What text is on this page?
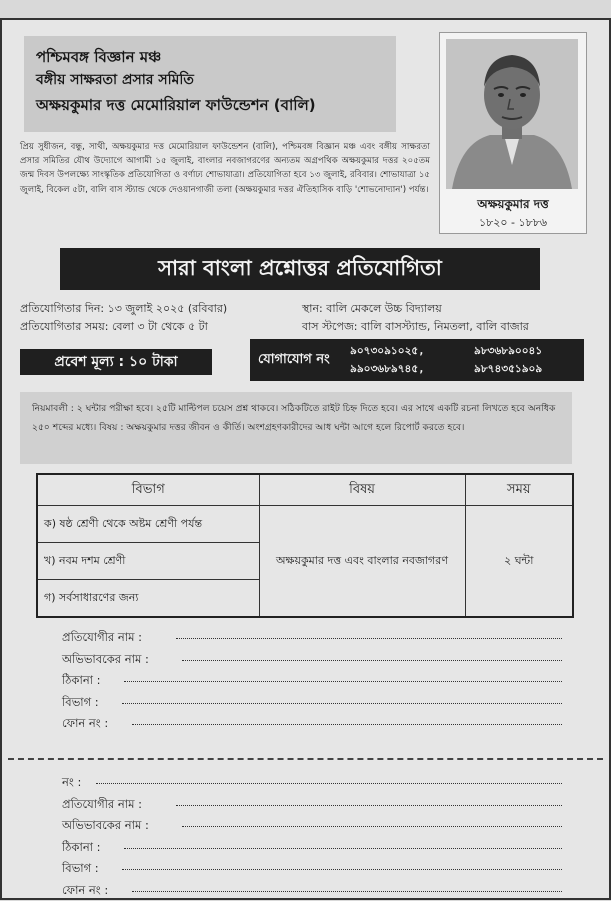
পশ্চিমবঙ্গ বিজ্ঞান মঞ্চ
বঙ্গীয় সাক্ষরতা প্রসার সমিতি
অক্ষয়কুমার দত্ত মেমোরিয়াল ফাউন্ডেশন (বালি)
অক্ষয়কুমার দত্ত
১৮২০ - ১৮৮৬
প্রিয় সুধীজন, বন্ধু, সাথী, অক্ষয়কুমার দত্ত মেমোরিয়াল ফাউন্ডেশন (বালি), পশ্চিমবঙ্গ বিজ্ঞান মঞ্চ এবং বঙ্গীয় সাক্ষরতা প্রসার সমিতির যৌথ উদ্যোগে আগামী ১৫ জুলাই, বাংলার নবজাগরণের অন্যতম অগ্রপথিক অক্ষয়কুমার দত্তর ২০৫তম জন্ম দিবস উপলক্ষ্যে সাংস্কৃতিক প্রতিযোগিতা ও বর্ণাঢ্য শোভাযাত্রা। প্রতিযোগিতা হবে ১৩ জুলাই, রবিবার। শোভাযাত্রা ১৫ জুলাই, বিকেল ৫টা, বালি বাস স্ট্যান্ড থেকে দেওয়ানগাজী তলা (অক্ষয়কুমার দত্তর ঐতিহাসিক বাড়ি 'শোভনোদ্যান') পর্যন্ত।
সারা বাংলা প্রশ্নোত্তর প্রতিযোগিতা
প্রতিযোগিতার দিন: ১৩ জুলাই ২০২৫ (রবিবার)
প্রতিযোগিতার সময়: বেলা ৩ টা থেকে ৫ টা
স্থান: বালি মেকলে উচ্চ বিদ্যালয়
বাস স্টপেজ: বালি বাসস্ট্যান্ড, নিমতলা, বালি বাজার
প্রবেশ মূল্য : ১০ টাকা	যোগাযোগ নং
৯০৭৩০৯১০২৫,	৯৮৩৬৮৯০০৪১
৯৯০৩৬৮৯৭৪৫,	৯৮৭৪৩৫১৯০৯
নিয়মাবলী : ২ ঘন্টার পরীক্ষা হবে। ২৫টি মাল্টিপল চয়েস প্রশ্ন থাকবে। সঠিকটিতে রাইট চিহ্ন দিতে হবে। এর সাথে একটি রচনা লিখতে হবে অনধিক ২৫০ শব্দের মধ্যে। বিষয় : অক্ষয়কুমার দত্তর জীবন ও কীর্তি। অংশগ্রহণকারীদের আধ ঘন্টা আগে হলে রিপোর্ট করতে হবে।
বিভাগ	বিষয়	সময়
ক) ষষ্ঠ শ্রেণী থেকে অষ্টম শ্রেণী পর্যন্ত	অক্ষয়কুমার দত্ত এবং বাংলার নবজাগরণ	২ ঘন্টা
খ) নবম দশম শ্রেণী		
গ) সর্বসাধারণের জন্য		
প্রতিযোগীর নাম :
অভিভাবকের নাম :
ঠিকানা :
বিভাগ :
ফোন নং :
নং :
প্রতিযোগীর নাম :
অভিভাবকের নাম :
ঠিকানা :
বিভাগ :
ফোন নং :
